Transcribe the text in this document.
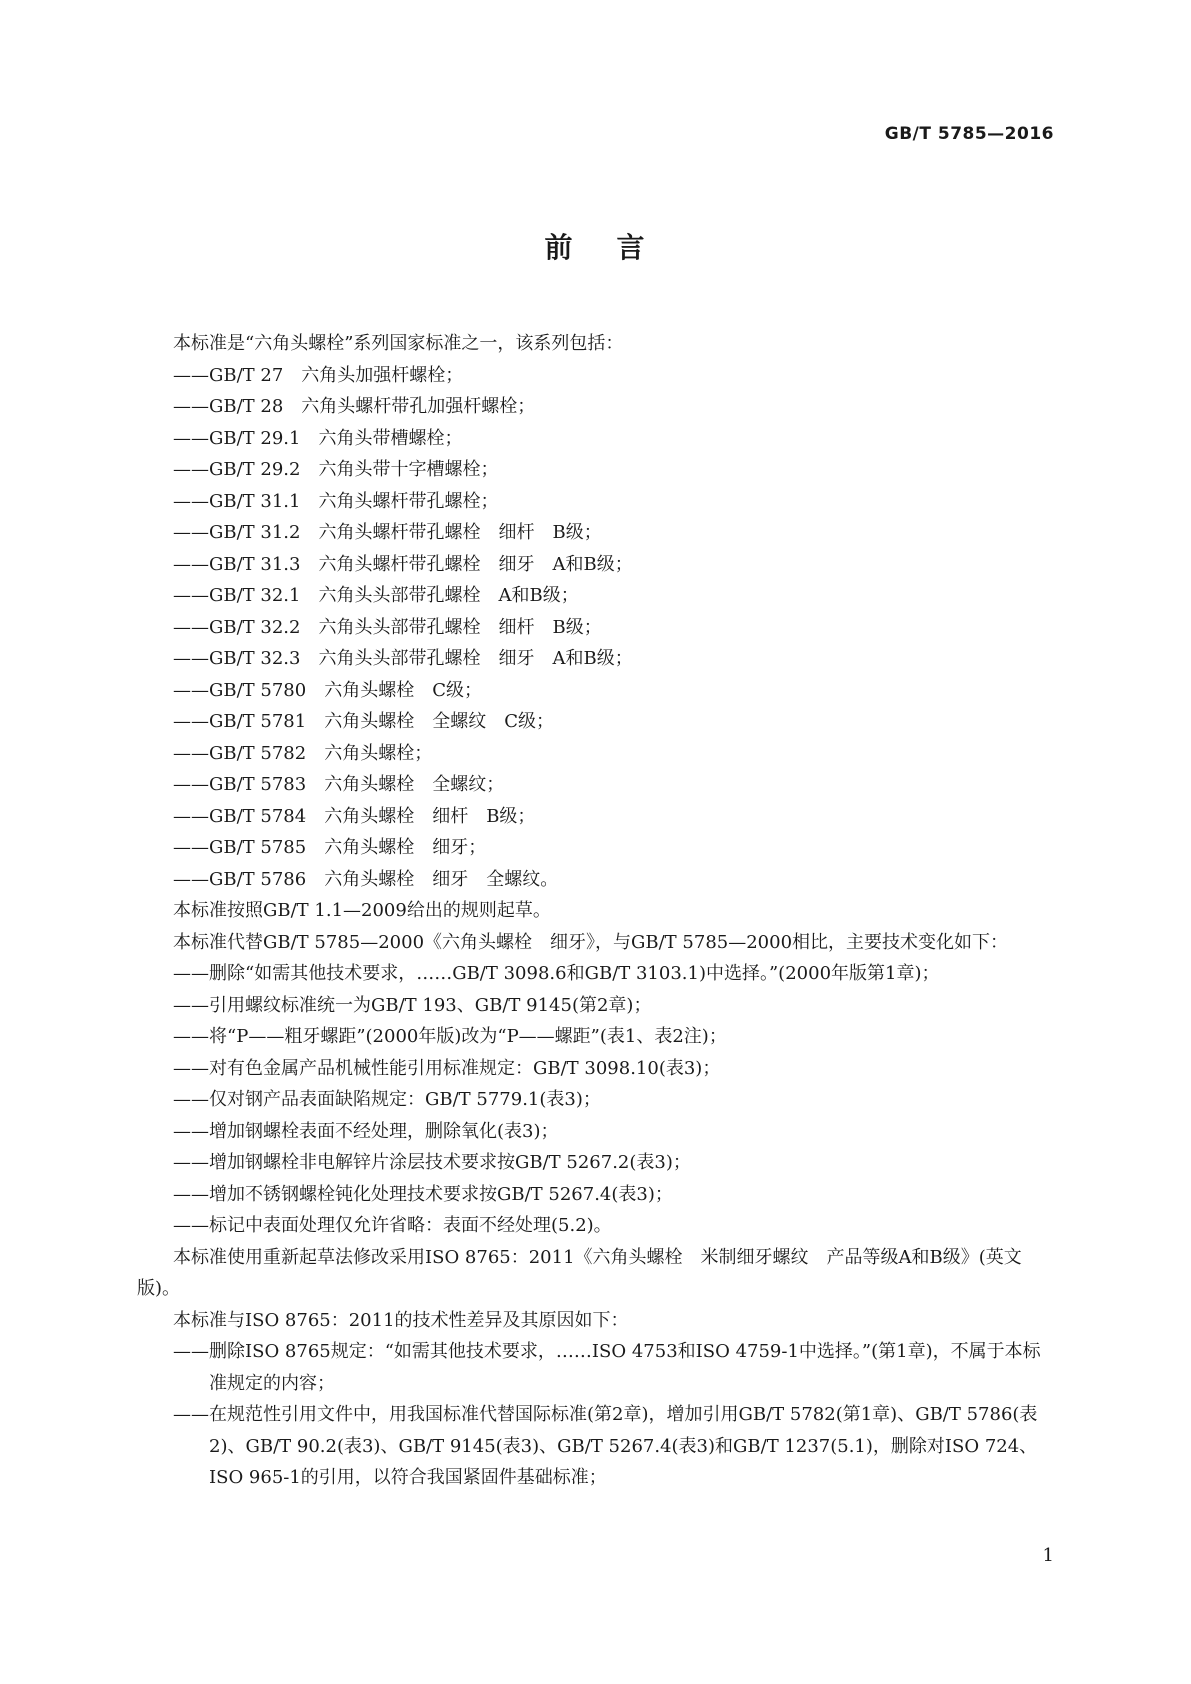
GB/T 5785—2016
前 言

本标准是“六角头螺栓”系列国家标准之一，该系列包括：

——GB/T 27　六角头加强杆螺栓；

——GB/T 28　六角头螺杆带孔加强杆螺栓；

——GB/T 29.1　六角头带槽螺栓；

——GB/T 29.2　六角头带十字槽螺栓；

——GB/T 31.1　六角头螺杆带孔螺栓；

——GB/T 31.2　六角头螺杆带孔螺栓　细杆　B级；

——GB/T 31.3　六角头螺杆带孔螺栓　细牙　A和B级；

——GB/T 32.1　六角头头部带孔螺栓　A和B级；

——GB/T 32.2　六角头头部带孔螺栓　细杆　B级；

——GB/T 32.3　六角头头部带孔螺栓　细牙　A和B级；

——GB/T 5780　六角头螺栓　C级；

——GB/T 5781　六角头螺栓　全螺纹　C级；

——GB/T 5782　六角头螺栓；

——GB/T 5783　六角头螺栓　全螺纹；

——GB/T 5784　六角头螺栓　细杆　B级；

——GB/T 5785　六角头螺栓　细牙；

——GB/T 5786　六角头螺栓　细牙　全螺纹。

本标准按照GB/T 1.1—2009给出的规则起草。

本标准代替GB/T 5785—2000《六角头螺栓　细牙》，与GB/T 5785—2000相比，主要技术变化如下：

——删除“如需其他技术要求，……GB/T 3098.6和GB/T 3103.1)中选择。”(2000年版第1章)；

——引用螺纹标准统一为GB/T 193、GB/T 9145(第2章)；

——将“P——粗牙螺距”(2000年版)改为“P——螺距”(表1、表2注)；

——对有色金属产品机械性能引用标准规定：GB/T 3098.10(表3)；

——仅对钢产品表面缺陷规定：GB/T 5779.1(表3)；

——增加钢螺栓表面不经处理，删除氧化(表3)；

——增加钢螺栓非电解锌片涂层技术要求按GB/T 5267.2(表3)；

——增加不锈钢螺栓钝化处理技术要求按GB/T 5267.4(表3)；

——标记中表面处理仅允许省略：表面不经处理(5.2)。

本标准使用重新起草法修改采用ISO 8765：2011《六角头螺栓　米制细牙螺纹　产品等级A和B级》(英文版)。

本标准与ISO 8765：2011的技术性差异及其原因如下：

——删除ISO 8765规定：“如需其他技术要求，……ISO 4753和ISO 4759-1中选择。”(第1章)，不属于本标准规定的内容；

——在规范性引用文件中，用我国标准代替国际标准(第2章)，增加引用GB/T 5782(第1章)、GB/T 5786(表2)、GB/T 90.2(表3)、GB/T 9145(表3)、GB/T 5267.4(表3)和GB/T 1237(5.1)，删除对ISO 724、ISO 965-1的引用，以符合我国紧固件基础标准；

1
